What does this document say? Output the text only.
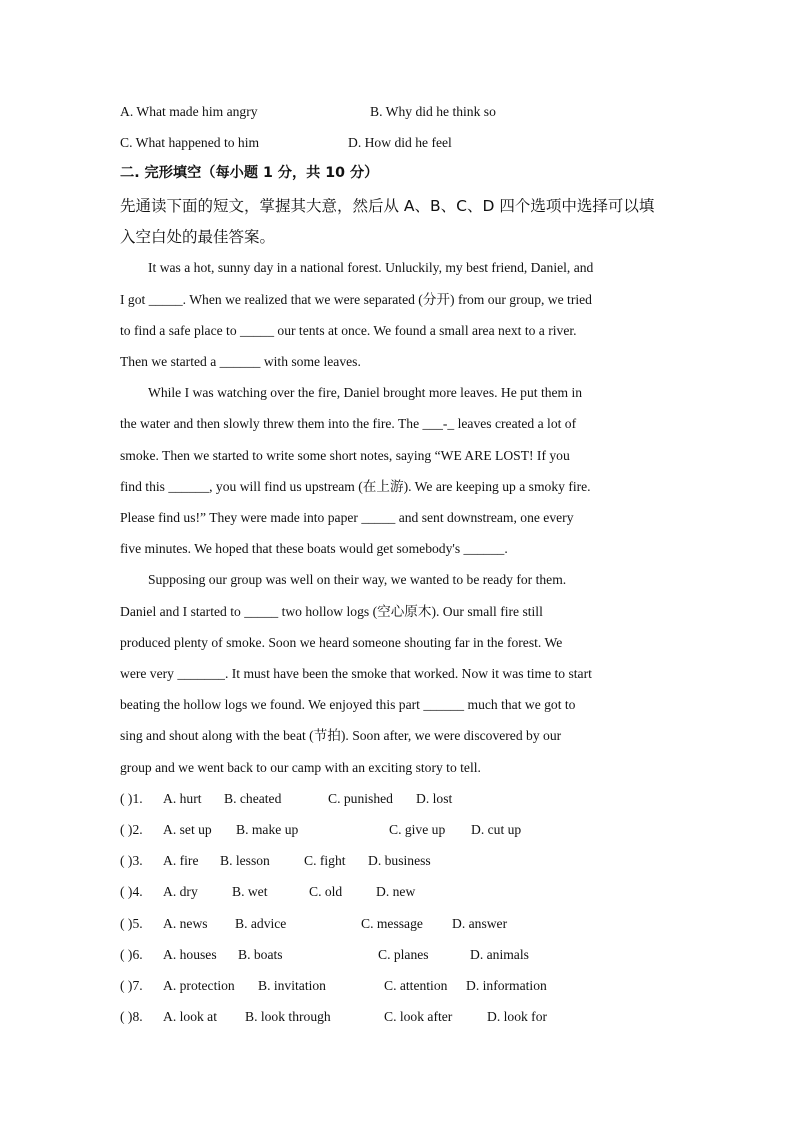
A. What made him angry	B. Why did he think so
C. What happened to him	D. How did he feel
二. 完形填空（每小题 1 分，共 10 分）
先通读下面的短文，掌握其大意，然后从 A、B、C、D 四个选项中选择可以填
入空白处的最佳答案。
It was a hot, sunny day in a national forest. Unluckily, my best friend, Daniel, and
I got _____. When we realized that we were separated (分开) from our group, we tried
to find a safe place to _____ our tents at once. We found a small area next to a river.
Then we started a ______ with some leaves.
While I was watching over the fire, Daniel brought more leaves. He put them in
the water and then slowly threw them into the fire. The ___-_ leaves created a lot of
smoke. Then we started to write some short notes, saying “WE ARE LOST! If you
find this ______, you will find us upstream (在上游). We are keeping up a smoky fire.
Please find us!” They were made into paper _____ and sent downstream, one every
five minutes. We hoped that these boats would get somebody's ______.
Supposing our group was well on their way, we wanted to be ready for them.
Daniel and I started to _____ two hollow logs (空心原木). Our small fire still
produced plenty of smoke. Soon we heard someone shouting far in the forest. We
were very _______. It must have been the smoke that worked. Now it was time to start
beating the hollow logs we found. We enjoyed this part ______ much that we got to
sing and shout along with the beat (节拍). Soon after, we were discovered by our
group and we went back to our camp with an exciting story to tell.
( )1. A. hurt B. cheated	C. punished D. lost
( )2. A. set up B. make up	C. give up D. cut up
( )3. A. fire B. lesson	C. fight D. business
( )4. A. dry	B. wet	C. old D. new
( )5. A. news B. advice	C. message D. answer
( )6. A. houses B. boats	C. planes	D. animals
( )7. A. protection B. invitation	C. attention D. information
( )8. A. look at B. look through	C. look after	D. look for
